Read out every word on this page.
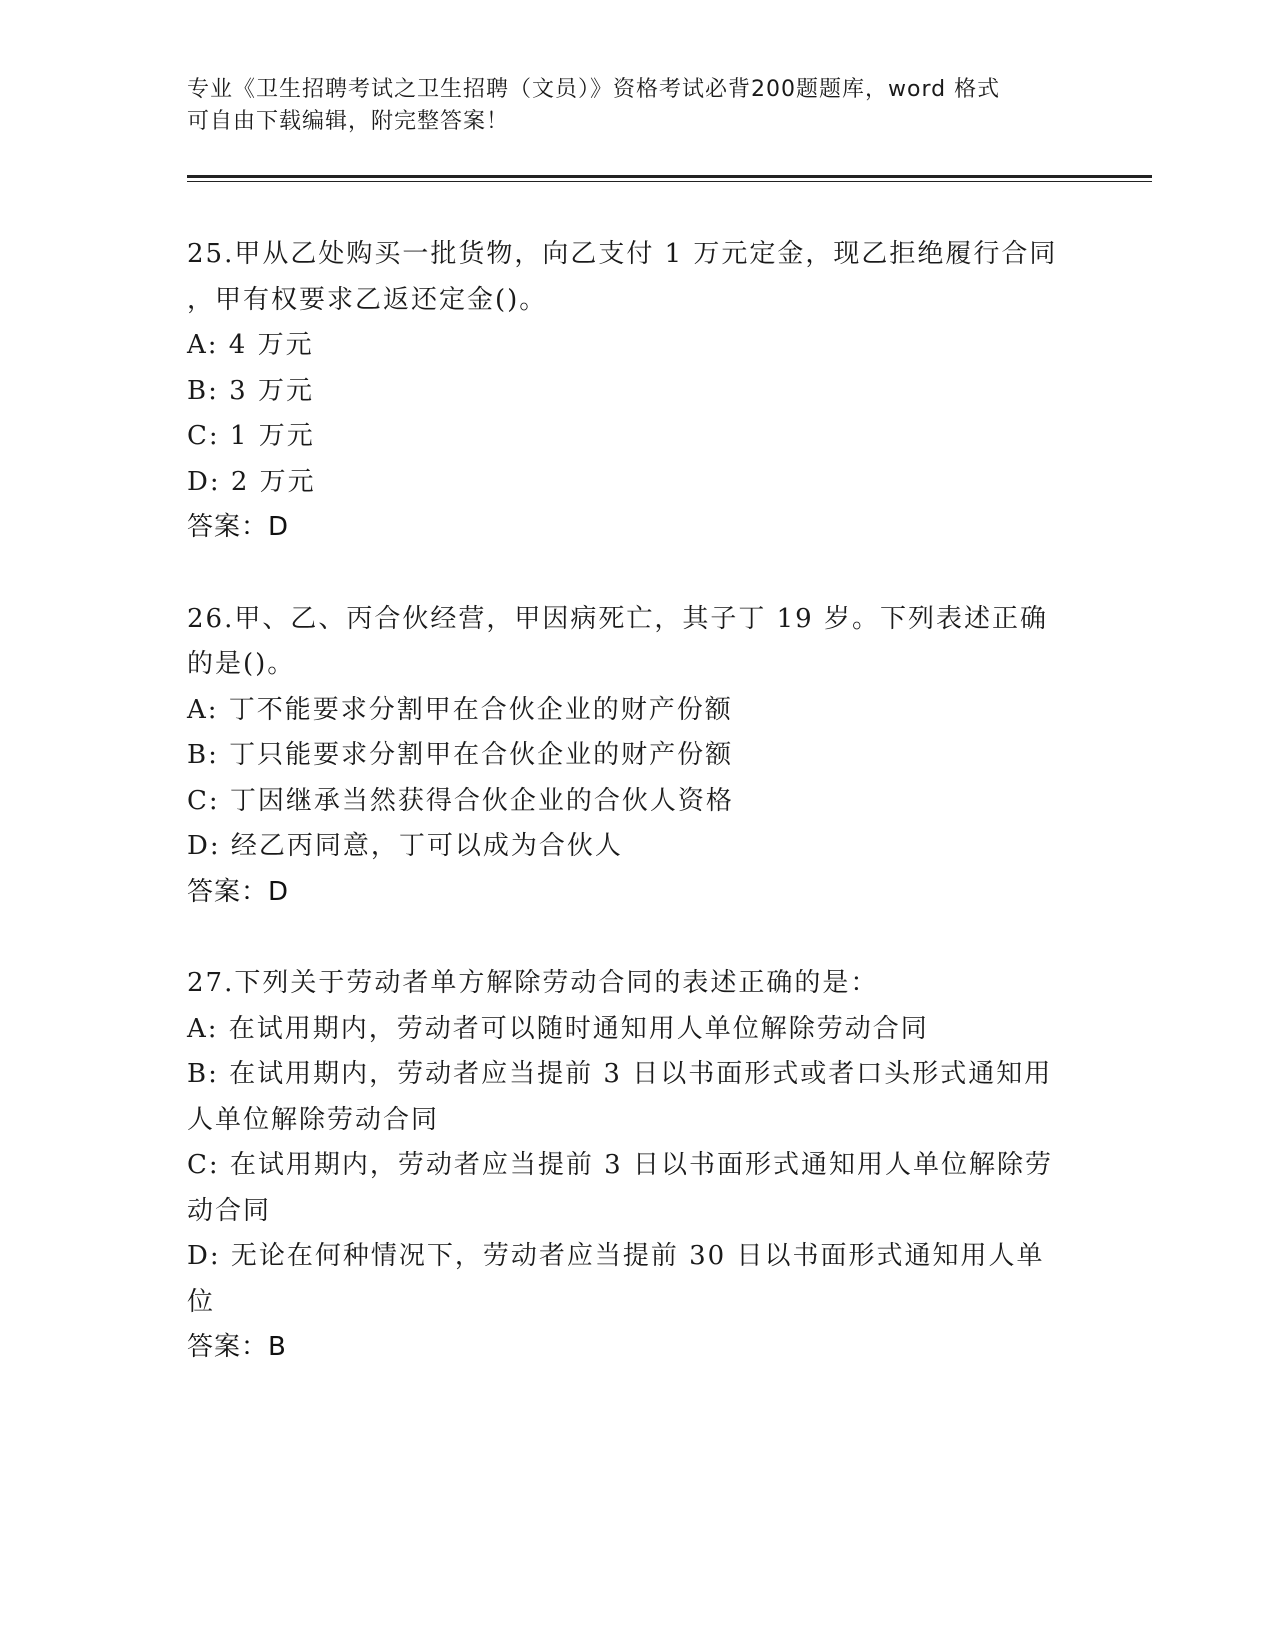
专业《卫生招聘考试之卫生招聘（文员）》资格考试必背200题题库，word 格式
可自由下载编辑，附完整答案！
25.甲从乙处购买一批货物，向乙支付 1 万元定金，现乙拒绝履行合同
，甲有权要求乙返还定金()。
A: 4 万元
B: 3 万元
C: 1 万元
D: 2 万元
答案：D
26.甲、乙、丙合伙经营，甲因病死亡，其子丁 19 岁。下列表述正确
的是()。
A: 丁不能要求分割甲在合伙企业的财产份额
B: 丁只能要求分割甲在合伙企业的财产份额
C: 丁因继承当然获得合伙企业的合伙人资格
D: 经乙丙同意，丁可以成为合伙人
答案：D
27.下列关于劳动者单方解除劳动合同的表述正确的是：
A: 在试用期内，劳动者可以随时通知用人单位解除劳动合同
B: 在试用期内，劳动者应当提前 3 日以书面形式或者口头形式通知用
人单位解除劳动合同
C: 在试用期内，劳动者应当提前 3 日以书面形式通知用人单位解除劳
动合同
D: 无论在何种情况下，劳动者应当提前 30 日以书面形式通知用人单
位
答案：B
